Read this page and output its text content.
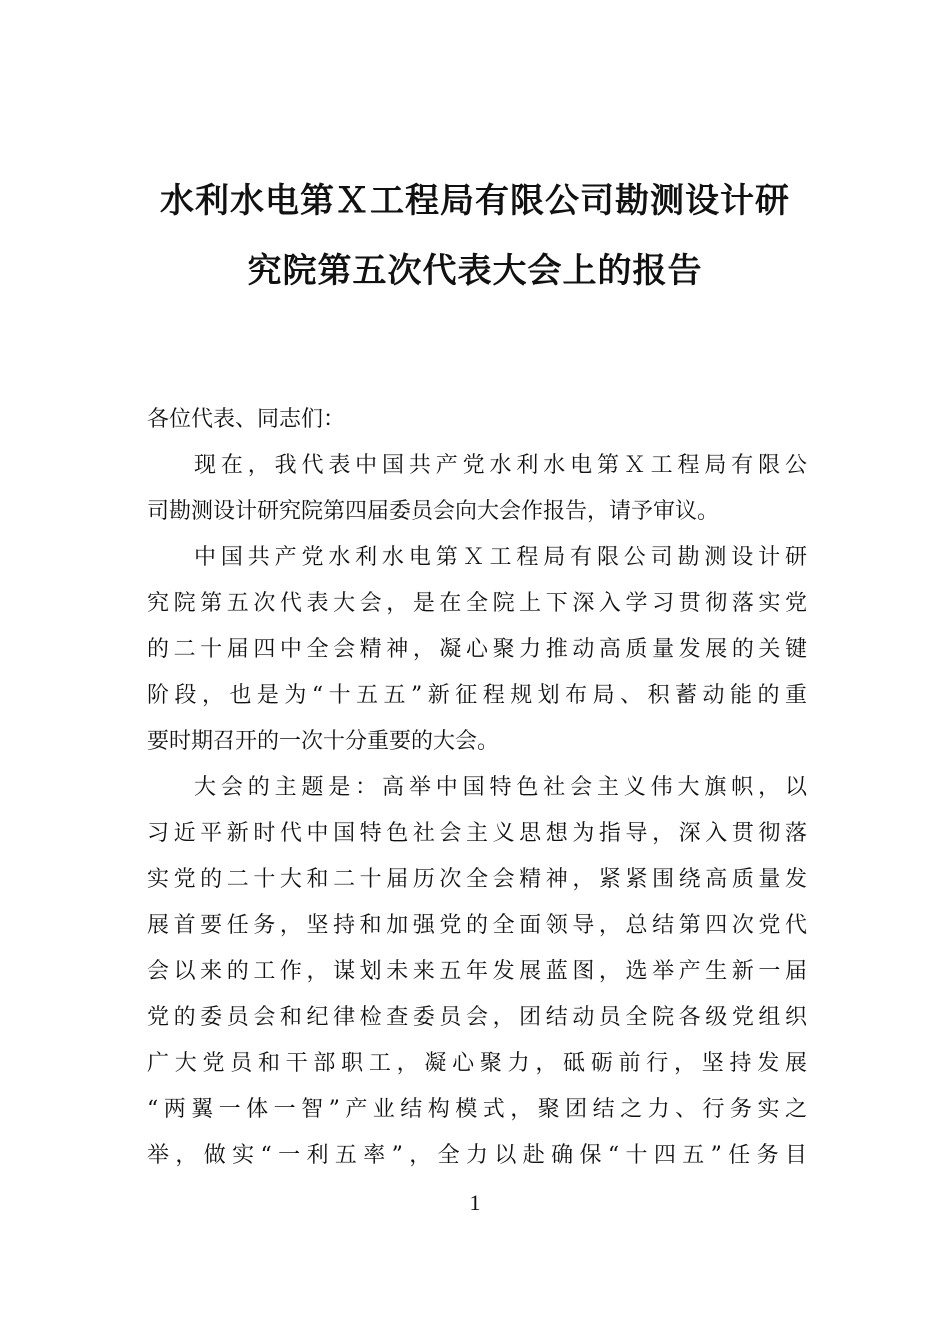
水利水电第Ｘ工程局有限公司勘测设计研
究院第五次代表大会上的报告
各位代表、同志们：
现在，我代表中国共产党水利水电第Ｘ工程局有限公
司勘测设计研究院第四届委员会向大会作报告，请予审议。
中国共产党水利水电第Ｘ工程局有限公司勘测设计研
究院第五次代表大会，是在全院上下深入学习贯彻落实党
的二十届四中全会精神，凝心聚力推动高质量发展的关键
阶段，也是为“十五五”新征程规划布局、积蓄动能的重
要时期召开的一次十分重要的大会。
大会的主题是：高举中国特色社会主义伟大旗帜，以
习近平新时代中国特色社会主义思想为指导，深入贯彻落
实党的二十大和二十届历次全会精神，紧紧围绕高质量发
展首要任务，坚持和加强党的全面领导，总结第四次党代
会以来的工作，谋划未来五年发展蓝图，选举产生新一届
党的委员会和纪律检查委员会，团结动员全院各级党组织
广大党员和干部职工，凝心聚力，砥砺前行，坚持发展
“两翼一体一智”产业结构模式，聚团结之力、行务实之
举，做实“一利五率”，全力以赴确保“十四五”任务目
1
